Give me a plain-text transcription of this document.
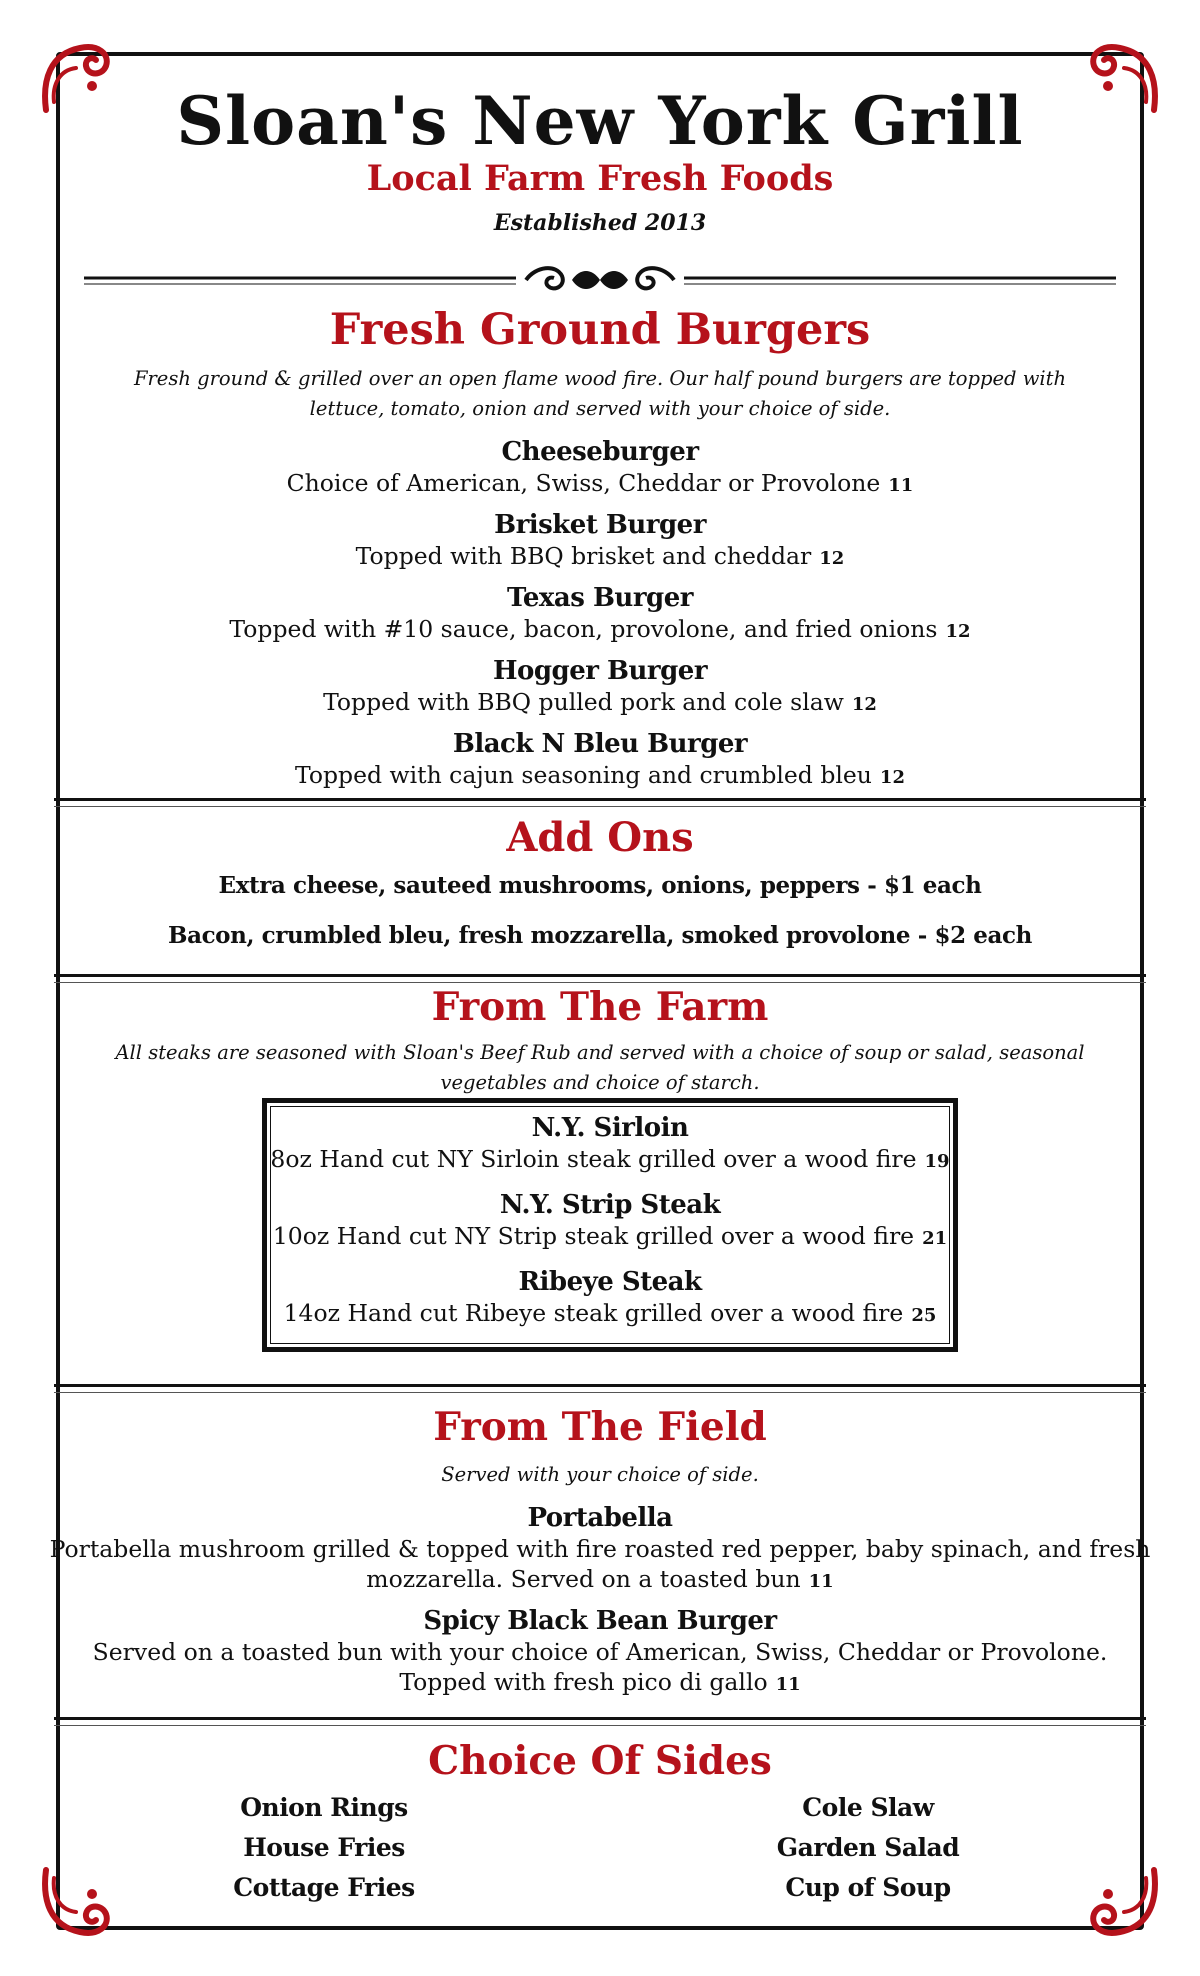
Sloan's New York Grill
Local Farm Fresh Foods
Established 2013
Fresh Ground Burgers
Fresh ground & grilled over an open flame wood fire. Our half pound burgers are topped with lettuce, tomato, onion and served with your choice of side.
Cheeseburger
Choice of American, Swiss, Cheddar or Provolone 11
Brisket Burger
Topped with BBQ brisket and cheddar 12
Texas Burger
Topped with #10 sauce, bacon, provolone, and fried onions 12
Hogger Burger
Topped with BBQ pulled pork and cole slaw 12
Black N Bleu Burger
Topped with cajun seasoning and crumbled bleu 12
Add Ons
Extra cheese, sauteed mushrooms, onions, peppers - $1 each
Bacon, crumbled bleu, fresh mozzarella, smoked provolone - $2 each
From The Farm
All steaks are seasoned with Sloan's Beef Rub and served with a choice of soup or salad, seasonal vegetables and choice of starch.
N.Y. Sirloin
8oz Hand cut NY Sirloin steak grilled over a wood fire 19
N.Y. Strip Steak
10oz Hand cut NY Strip steak grilled over a wood fire 21
Ribeye Steak
14oz Hand cut Ribeye steak grilled over a wood fire 25
From The Field
Served with your choice of side.
Portabella
Portabella mushroom grilled & topped with fire roasted red pepper, baby spinach, and fresh
mozzarella. Served on a toasted bun 11
Spicy Black Bean Burger
Served on a toasted bun with your choice of American, Swiss, Cheddar or Provolone.
Topped with fresh pico di gallo 11
Choice Of Sides
Onion Rings
House Fries
Cottage Fries
Cole Slaw
Garden Salad
Cup of Soup
